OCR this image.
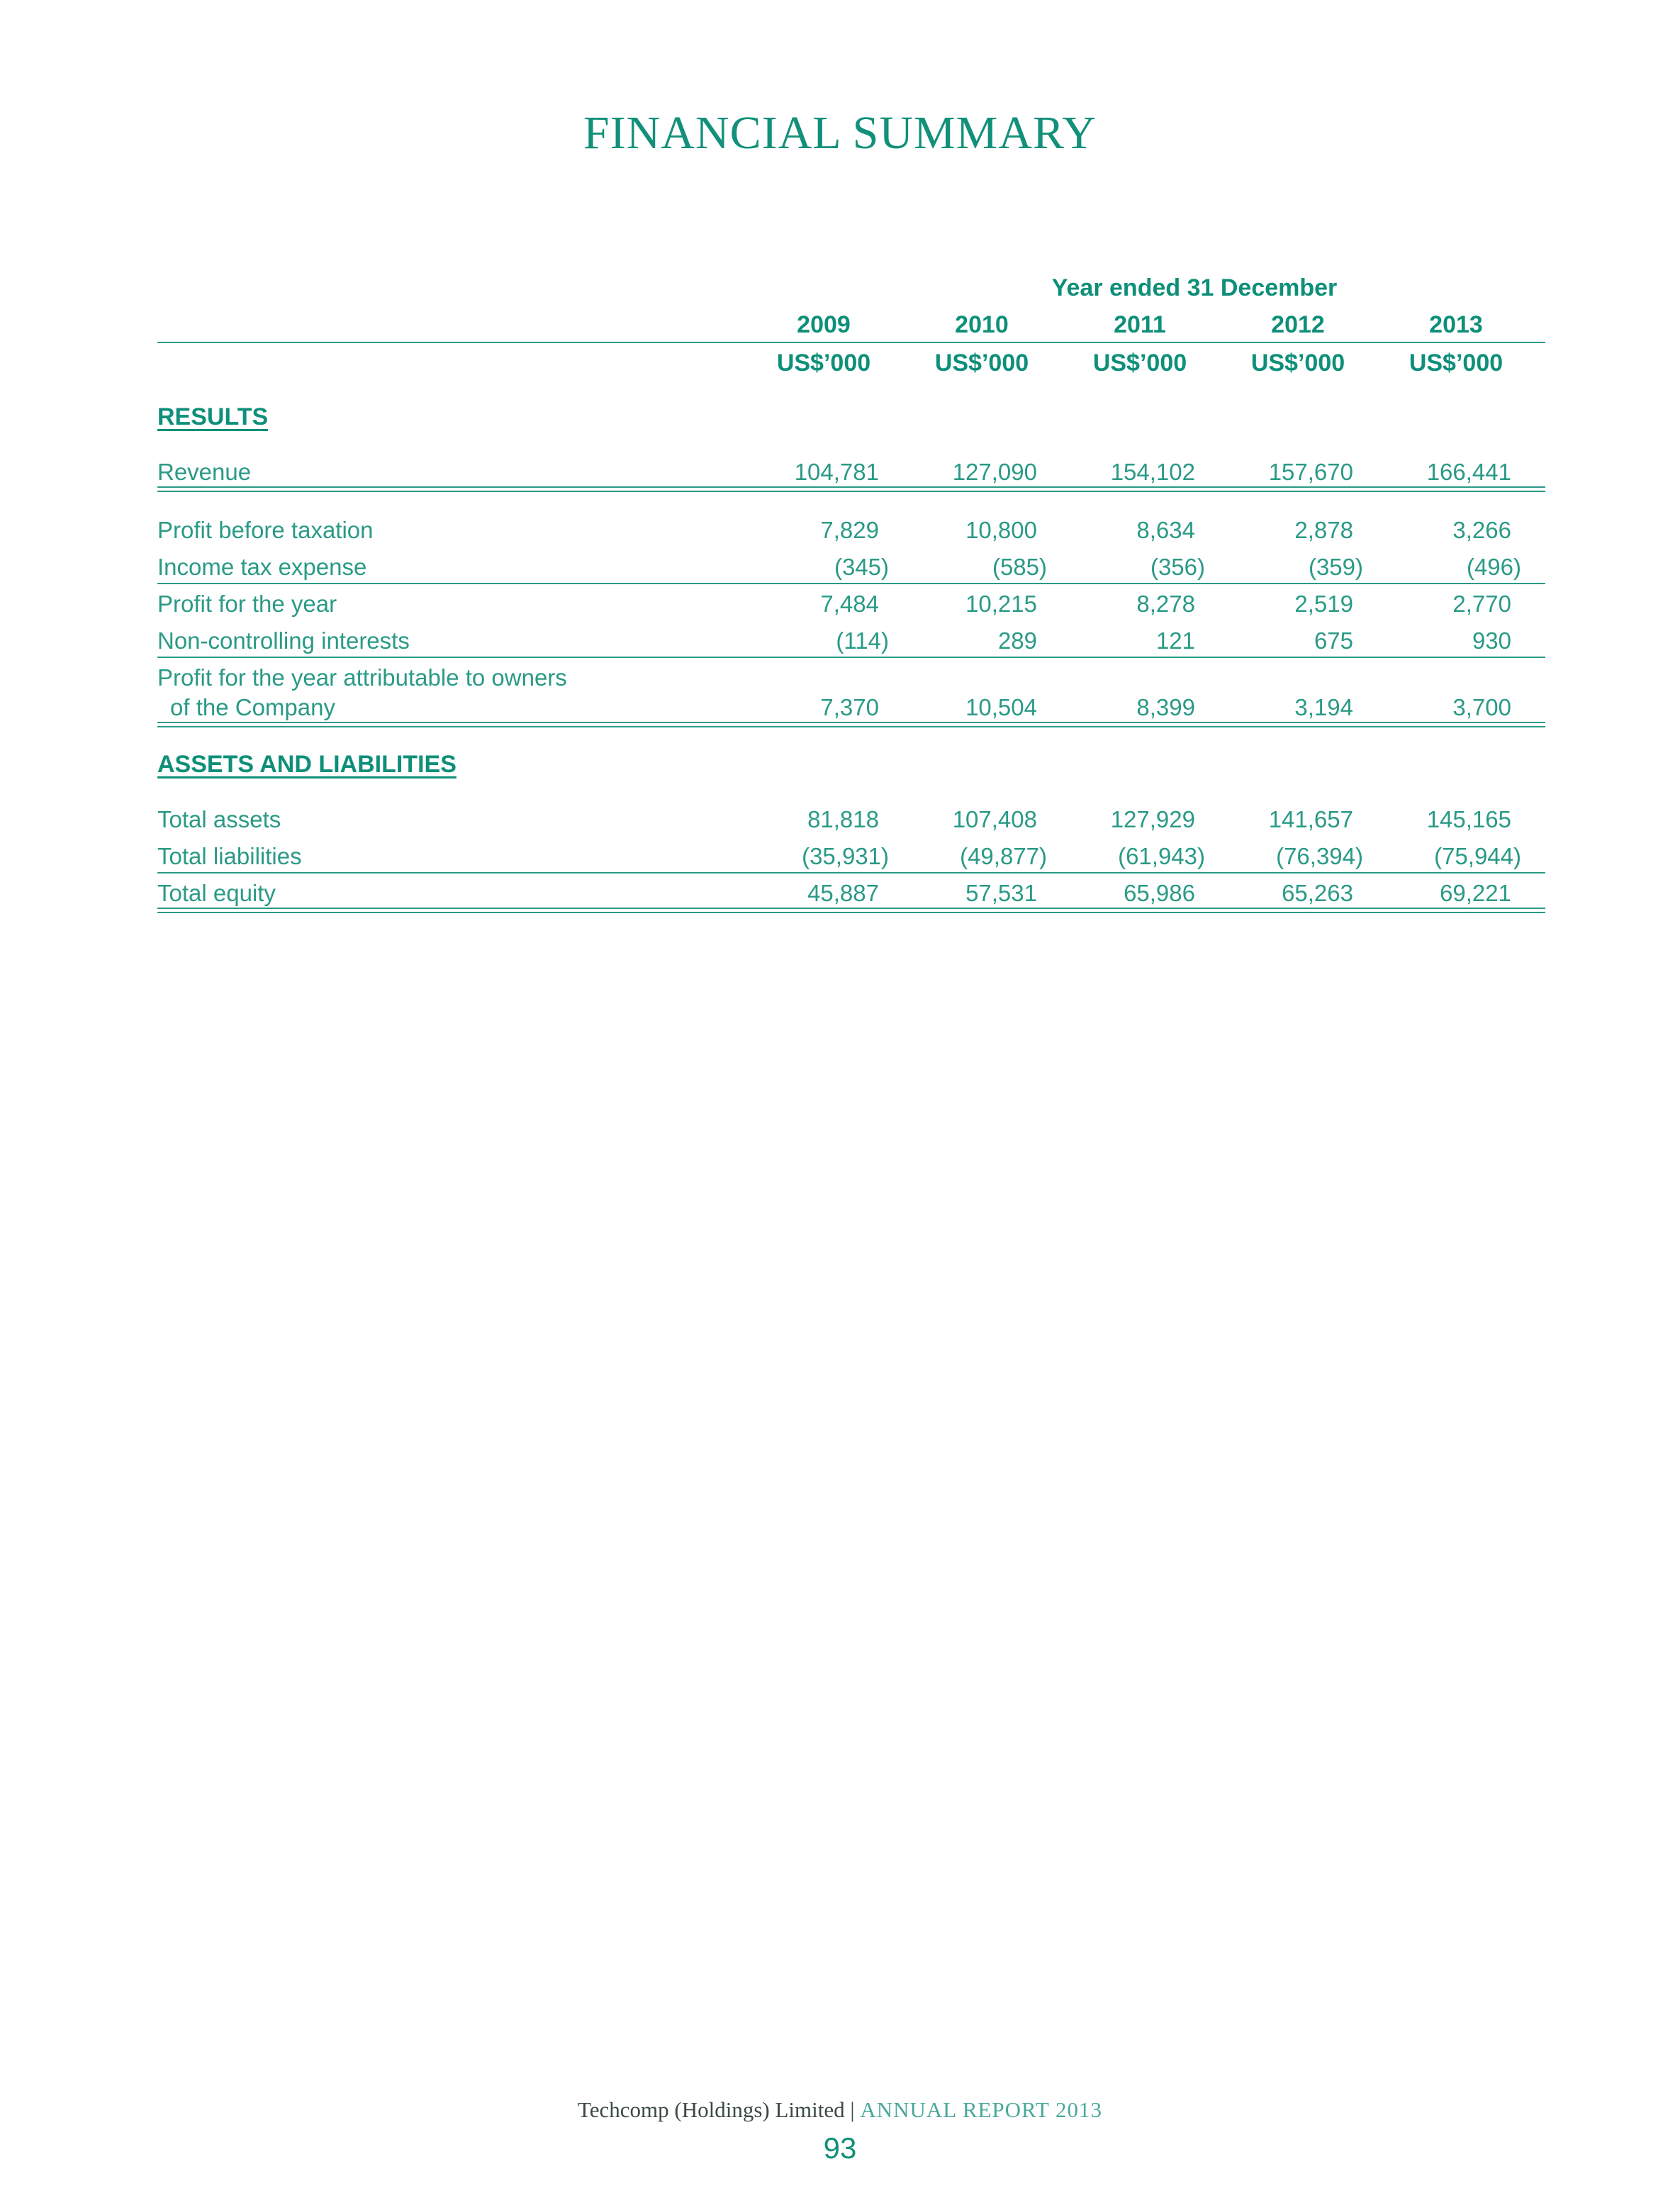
FINANCIAL SUMMARY
Year ended 31 December
2009	2010	2011	2012	2013
US$’000	US$’000	US$’000	US$’000	US$’000
RESULTS
Revenue	104,781	127,090	154,102	157,670	166,441
Profit before taxation	7,829	10,800	8,634	2,878	3,266
Income tax expense	(345)	(585)	(356)	(359)	(496)
Profit for the year	7,484	10,215	8,278	2,519	2,770
Non-controlling interests	(114)	289	121	675	930
Profit for the year attributable to owners
of the Company	7,370	10,504	8,399	3,194	3,700
ASSETS AND LIABILITIES
Total assets	81,818	107,408	127,929	141,657	145,165
Total liabilities	(35,931)	(49,877)	(61,943)	(76,394)	(75,944)
Total equity	45,887	57,531	65,986	65,263	69,221
Techcomp (Holdings) Limited | ANNUAL REPORT 2013
93
